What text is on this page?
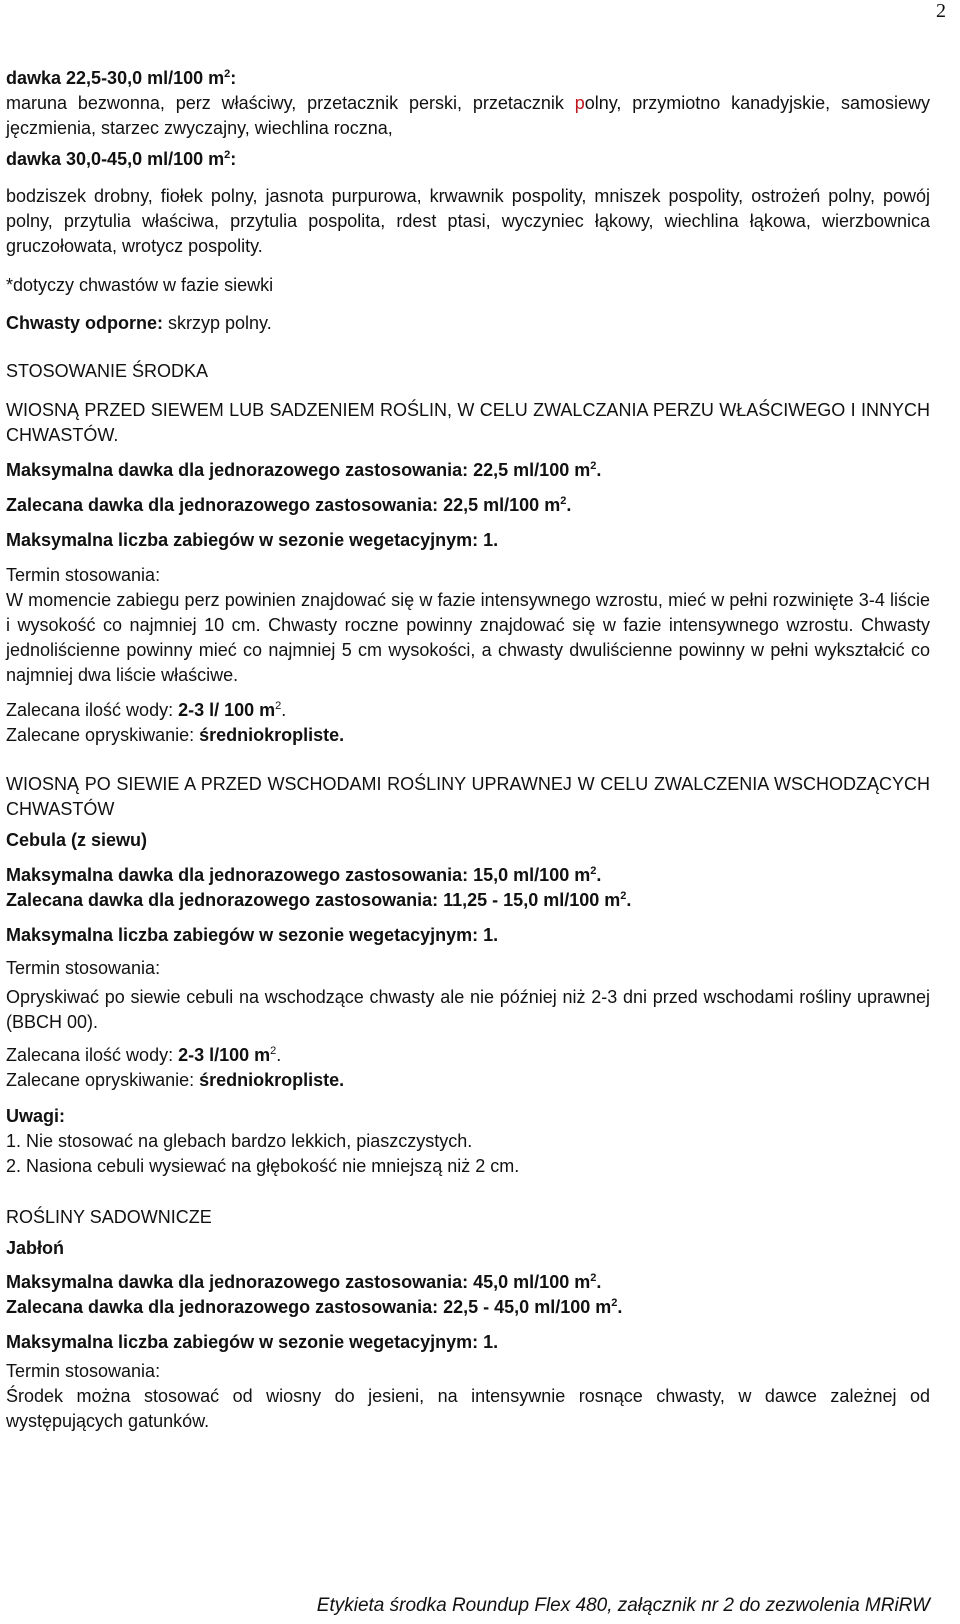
2

dawka 22,5-30,0 ml/100 $m^2$:

maruna bezwonna, perz właściwy, przetacznik perski, przetacznik polny, przymiotno kanadyjskie, samosiewy jęczmienia, starzec zwyczajny, wiechlina roczna,

dawka 30,0-45,0 ml/100 $m^2$:

bodziszek drobny, fiołek polny, jasnota purpurowa, krwawnik pospolity, mniszek pospolity, ostrożeń polny, powój polny, przytulia właściwa, przytulia pospolita, rdest ptasi, wyczyniec łąkowy, wiechlina łąkowa, wierzbownica gruczołowata, wrotycz pospolity.

*dotyczy chwastów w fazie siewki

Chwasty odporne: skrzyp polny.

STOSOWANIE ŚRODKA

WIOSNĄ PRZED SIEWEM LUB SADZENIEM ROŚLIN, W CELU ZWALCZANIA PERZU WŁAŚCIWEGO I INNYCH CHWASTÓW.

Maksymalna dawka dla jednorazowego zastosowania: 22,5 ml/100 $m^2$.

Zalecana dawka dla jednorazowego zastosowania: 22,5 ml/100 $m^2$.

Maksymalna liczba zabiegów w sezonie wegetacyjnym: 1.

Termin stosowania:

W momencie zabiegu perz powinien znajdować się w fazie intensywnego wzrostu, mieć w pełni rozwinięte 3-4 liście i wysokość co najmniej 10 cm. Chwasty roczne powinny znajdować się w fazie intensywnego wzrostu. Chwasty jednoliścienne powinny mieć co najmniej 5 cm wysokości, a chwasty dwuliścienne powinny w pełni wykształcić co najmniej dwa liście właściwe.

Zalecana ilość wody: 2-3 l/ 100 $m^2$.

Zalecane opryskiwanie: średniokropliste.

WIOSNĄ PO SIEWIE A PRZED WSCHODAMI ROŚLINY UPRAWNEJ W CELU ZWALCZENIA WSCHODZĄCYCH CHWASTÓW

Cebula (z siewu)

Maksymalna dawka dla jednorazowego zastosowania: 15,0 ml/100 $m^2$.

Zalecana dawka dla jednorazowego zastosowania: 11,25 - 15,0 ml/100 $m^2$.

Maksymalna liczba zabiegów w sezonie wegetacyjnym: 1.

Termin stosowania:

Opryskiwać po siewie cebuli na wschodzące chwasty ale nie później niż 2-3 dni przed wschodami rośliny uprawnej (BBCH 00).

Zalecana ilość wody: 2-3 l/100 $m^2$.

Zalecane opryskiwanie: średniokropliste.

Uwagi:

1. Nie stosować na glebach bardzo lekkich, piaszczystych.

2. Nasiona cebuli wysiewać na głębokość nie mniejszą niż 2 cm.

ROŚLINY SADOWNICZE

Jabłoń

Maksymalna dawka dla jednorazowego zastosowania: 45,0 ml/100 $m^2$.

Zalecana dawka dla jednorazowego zastosowania: 22,5 - 45,0 ml/100 $m^2$.

Maksymalna liczba zabiegów w sezonie wegetacyjnym: 1.

Termin stosowania:

Środek można stosować od wiosny do jesieni, na intensywnie rosnące chwasty, w dawce zależnej od występujących gatunków.

Etykieta środka Roundup Flex 480, załącznik nr 2 do zezwolenia MRiRW
